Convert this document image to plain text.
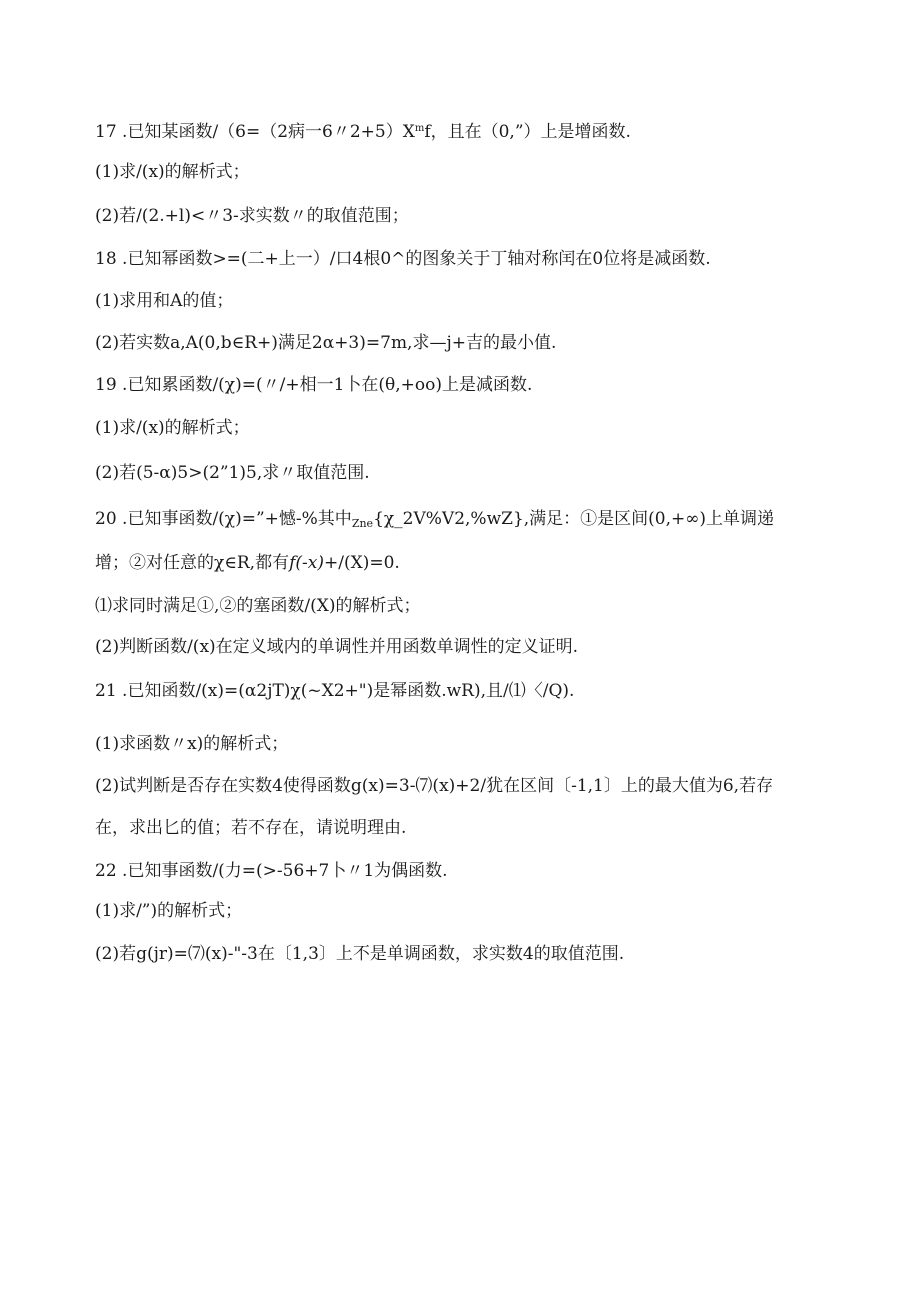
17 .已知某函数/（6=（2病一6〃$2+5)X^mf$，且在（0,”）上是增函数.
(1)求/(x)的解析式；
(2)若/(2.+l)<〃3-求实数〃的取值范围；
18 .已知幂函数>=(二+上一）/口4根0^的图象关于丁轴对称闰在0位将是减函数.
(1)求用和A的值；
(2)若实数a,A(0,b∈R+)满足2α+3)=7m,求—j+吉的最小值.
19 .已知累函数/(χ)=(〃/+相一1卜在(θ,+oo)上是减函数.
(1)求/(x)的解析式；
(2)若(5-α)5>(2”1)5,求〃取值范围.
20 .已知事函数/(χ)=”+憾-%其中$_{Zne}${χ_2V%V2,%wZ},满足：①是区间(0,+∞)上单调递
增；②对任意的χ∈R,都有f(-x)+/(X)=0.
⑴求同时满足①,②的塞函数/(X)的解析式；
(2)判断函数/(x)在定义域内的单调性并用函数单调性的定义证明.
21 .已知函数/(x)=(α2jT)χ(~X2+")是幂函数.wR),且/⑴〈/Q).
(1)求函数〃x)的解析式；
(2)试判断是否存在实数4使得函数g(x)=3-⑺(x)+2/犹在区间〔-1,1〕上的最大值为6,若存
在，求出匕的值；若不存在，请说明理由.
22 .已知事函数/(力=(>-56+7卜〃1为偶函数.
(1)求/”)的解析式；
(2)若g(jr)=⑺(x)-"-3在〔1,3〕上不是单调函数，求实数4的取值范围.
